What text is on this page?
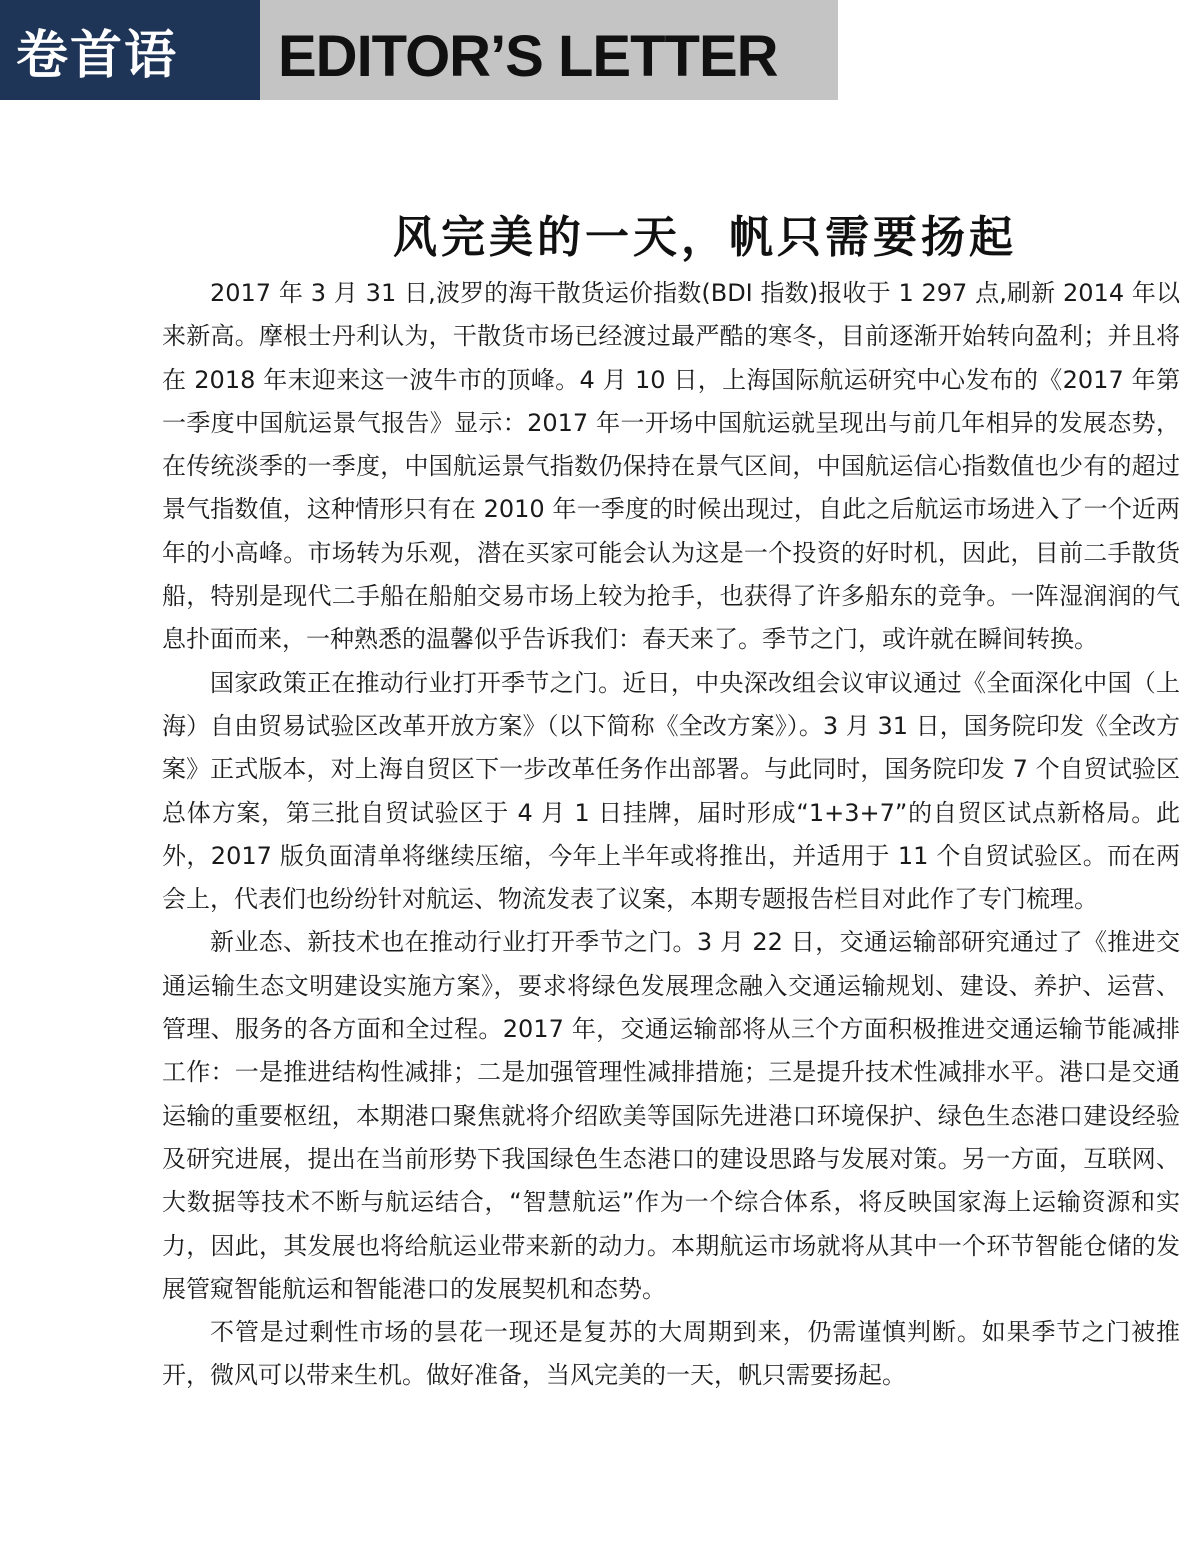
卷首语	EDITOR’S LETTER
风完美的一天，帆只需要扬起

2017 年 3 月 31 日,波罗的海干散货运价指数(BDI 指数)报收于 1 297 点,刷新 2014 年以来新高。摩根士丹利认为，干散货市场已经渡过最严酷的寒冬，目前逐渐开始转向盈利；并且将在 2018 年末迎来这一波牛市的顶峰。4 月 10 日，上海国际航运研究中心发布的《2017 年第一季度中国航运景气报告》显示：2017 年一开场中国航运就呈现出与前几年相异的发展态势，在传统淡季的一季度，中国航运景气指数仍保持在景气区间，中国航运信心指数值也少有的超过景气指数值，这种情形只有在 2010 年一季度的时候出现过，自此之后航运市场进入了一个近两年的小高峰。市场转为乐观，潜在买家可能会认为这是一个投资的好时机，因此，目前二手散货船，特别是现代二手船在船舶交易市场上较为抢手，也获得了许多船东的竞争。一阵湿润润的气息扑面而来，一种熟悉的温馨似乎告诉我们：春天来了。季节之门，或许就在瞬间转换。

国家政策正在推动行业打开季节之门。近日，中央深改组会议审议通过《全面深化中国（上海）自由贸易试验区改革开放方案》（以下简称《全改方案》）。3 月 31 日，国务院印发《全改方案》正式版本，对上海自贸区下一步改革任务作出部署。与此同时，国务院印发 7 个自贸试验区总体方案，第三批自贸试验区于 4 月 1 日挂牌，届时形成“1+3+7”的自贸区试点新格局。此外，2017 版负面清单将继续压缩，今年上半年或将推出，并适用于 11 个自贸试验区。而在两会上，代表们也纷纷针对航运、物流发表了议案，本期专题报告栏目对此作了专门梳理。

新业态、新技术也在推动行业打开季节之门。3 月 22 日，交通运输部研究通过了《推进交通运输生态文明建设实施方案》，要求将绿色发展理念融入交通运输规划、建设、养护、运营、管理、服务的各方面和全过程。2017 年，交通运输部将从三个方面积极推进交通运输节能减排工作：一是推进结构性减排；二是加强管理性减排措施；三是提升技术性减排水平。港口是交通运输的重要枢纽，本期港口聚焦就将介绍欧美等国际先进港口环境保护、绿色生态港口建设经验及研究进展，提出在当前形势下我国绿色生态港口的建设思路与发展对策。另一方面，互联网、大数据等技术不断与航运结合，“智慧航运”作为一个综合体系，将反映国家海上运输资源和实力，因此，其发展也将给航运业带来新的动力。本期航运市场就将从其中一个环节智能仓储的发展管窥智能航运和智能港口的发展契机和态势。

不管是过剩性市场的昙花一现还是复苏的大周期到来，仍需谨慎判断。如果季节之门被推开，微风可以带来生机。做好准备，当风完美的一天，帆只需要扬起。
